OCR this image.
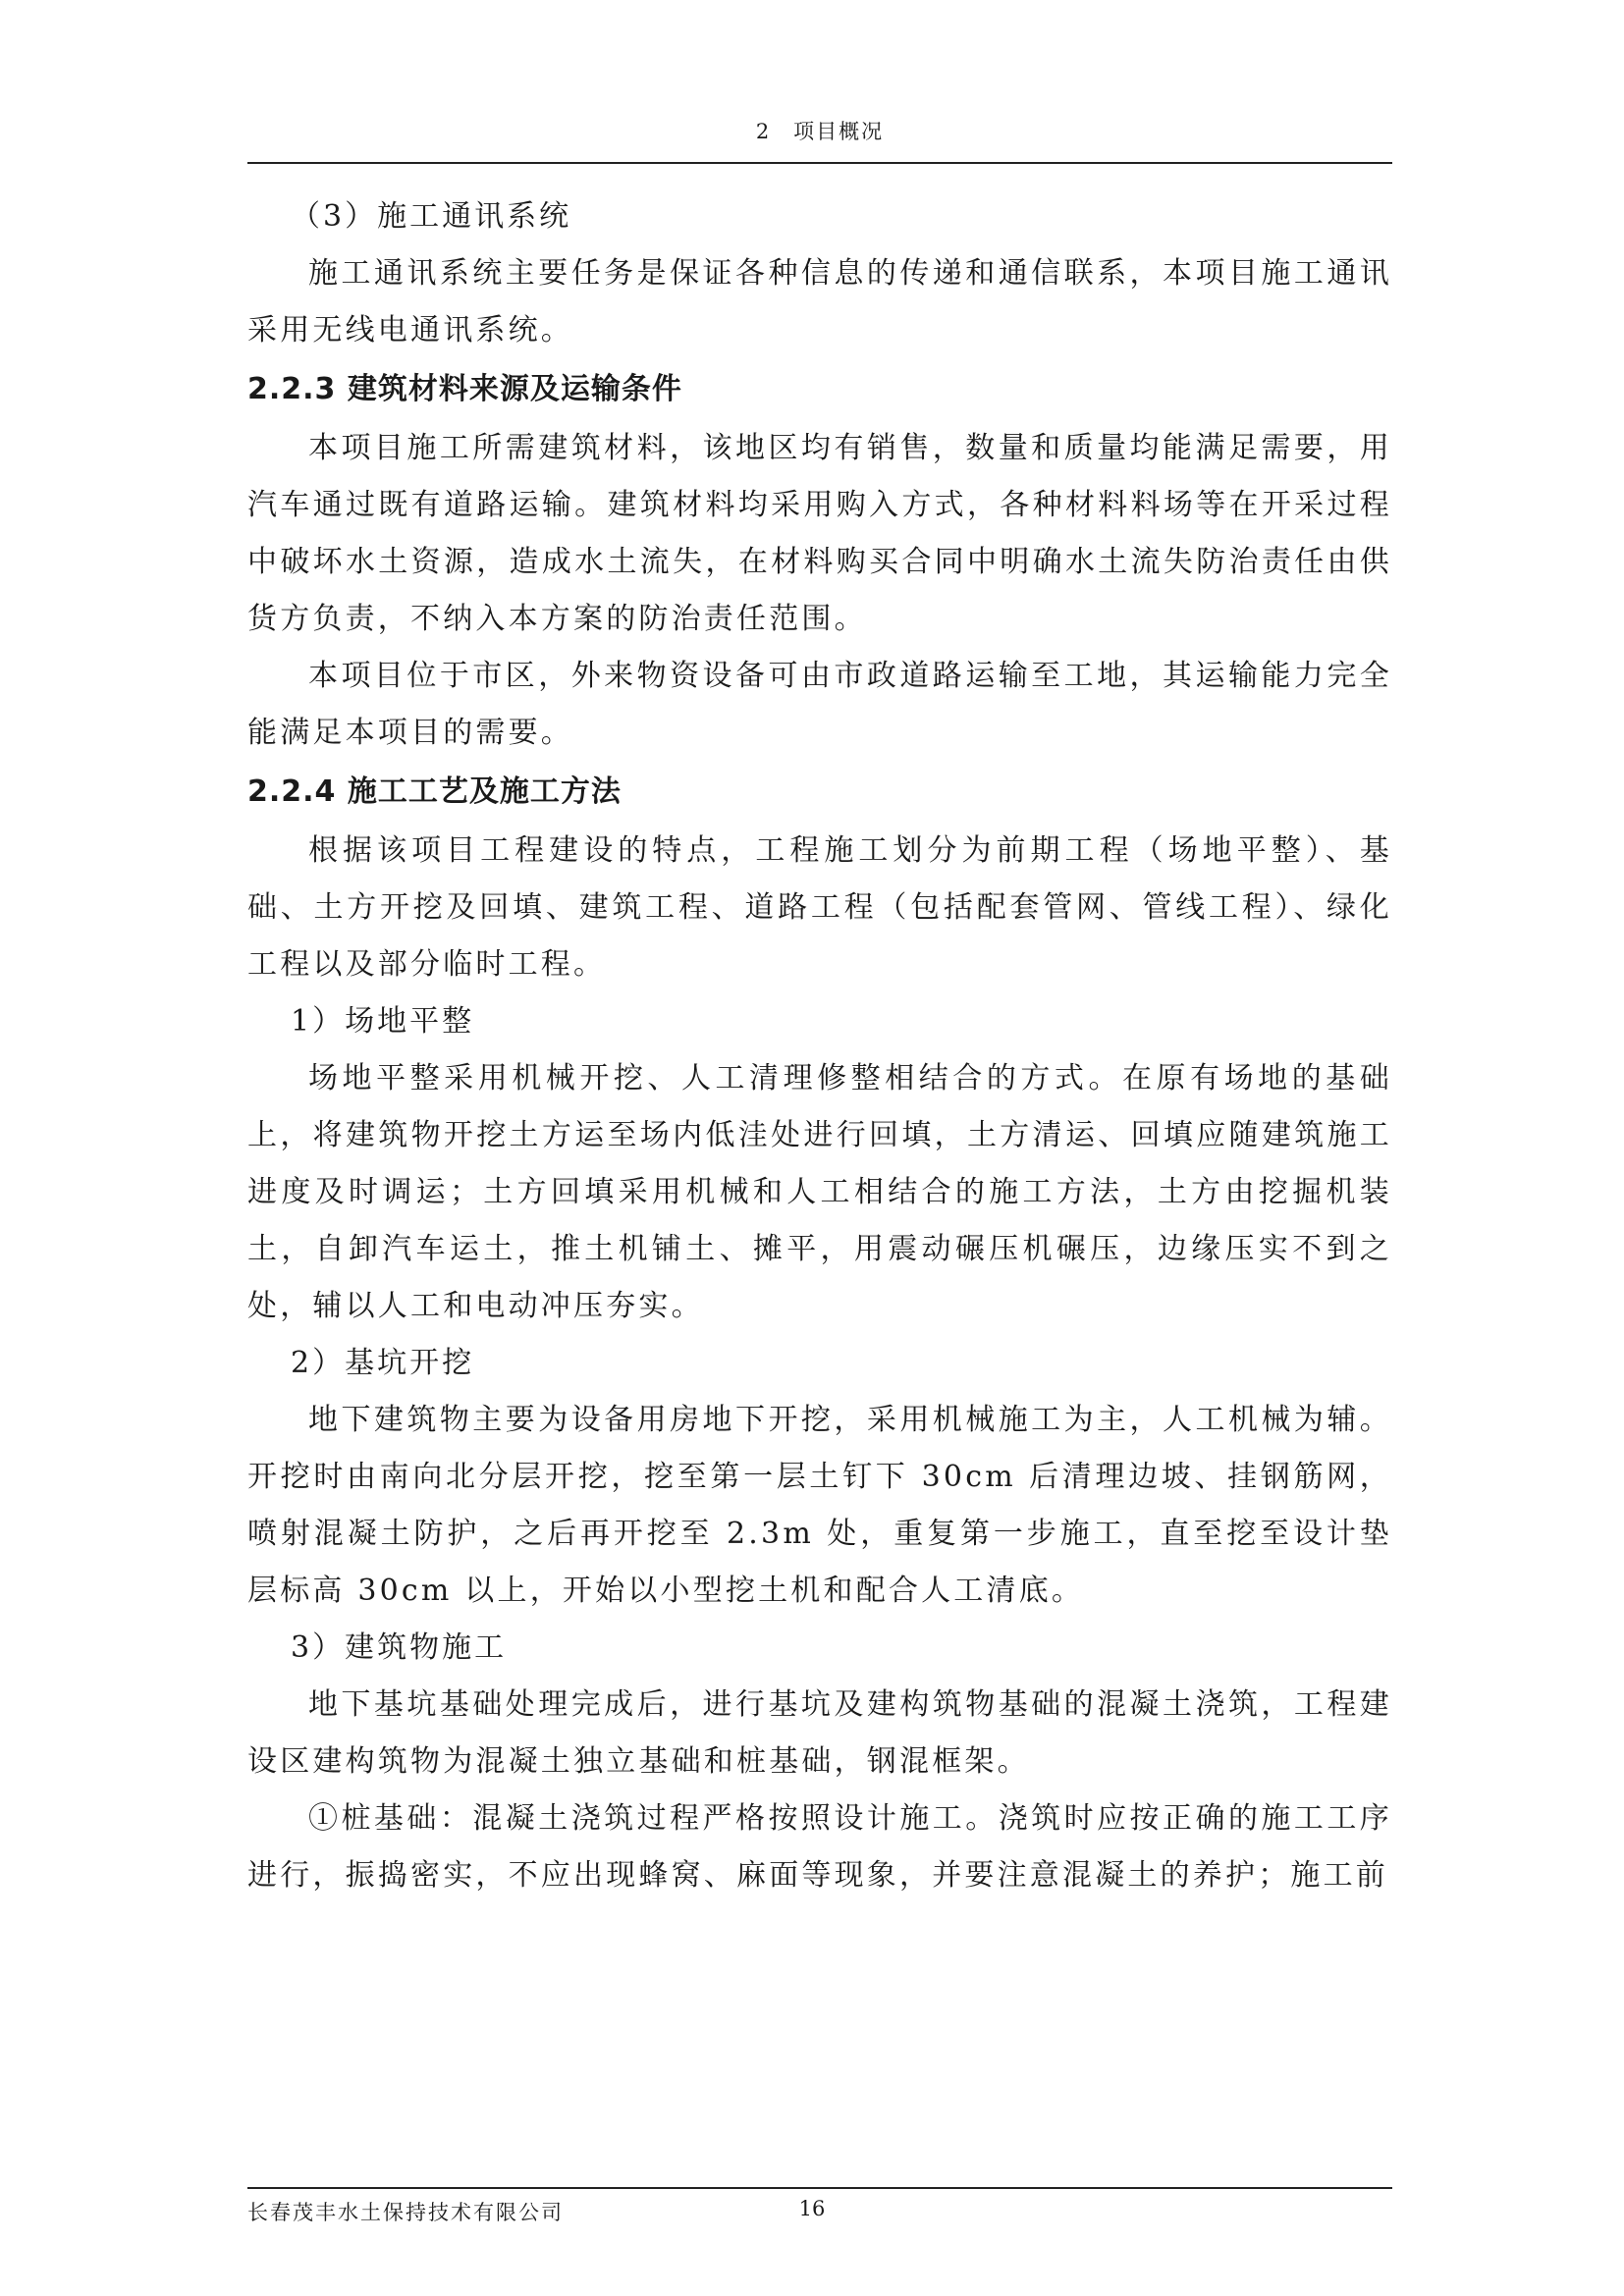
2　项目概况

（3）施工通讯系统

施工通讯系统主要任务是保证各种信息的传递和通信联系，本项目施工通讯采用无线电通讯系统。

2.2.3 建筑材料来源及运输条件

本项目施工所需建筑材料，该地区均有销售，数量和质量均能满足需要，用汽车通过既有道路运输。建筑材料均采用购入方式，各种材料料场等在开采过程中破坏水土资源，造成水土流失，在材料购买合同中明确水土流失防治责任由供货方负责，不纳入本方案的防治责任范围。

本项目位于市区，外来物资设备可由市政道路运输至工地，其运输能力完全能满足本项目的需要。

2.2.4 施工工艺及施工方法

根据该项目工程建设的特点，工程施工划分为前期工程（场地平整）、基础、土方开挖及回填、建筑工程、道路工程（包括配套管网、管线工程）、绿化工程以及部分临时工程。

1）场地平整

场地平整采用机械开挖、人工清理修整相结合的方式。在原有场地的基础上，将建筑物开挖土方运至场内低洼处进行回填，土方清运、回填应随建筑施工进度及时调运；土方回填采用机械和人工相结合的施工方法，土方由挖掘机装土，自卸汽车运土，推土机铺土、摊平，用震动碾压机碾压，边缘压实不到之处，辅以人工和电动冲压夯实。

2）基坑开挖

地下建筑物主要为设备用房地下开挖，采用机械施工为主，人工机械为辅。开挖时由南向北分层开挖，挖至第一层土钉下 30cm 后清理边坡、挂钢筋网，喷射混凝土防护，之后再开挖至 2.3m 处，重复第一步施工，直至挖至设计垫层标高 30cm 以上，开始以小型挖土机和配合人工清底。

3）建筑物施工

地下基坑基础处理完成后，进行基坑及建构筑物基础的混凝土浇筑，工程建设区建构筑物为混凝土独立基础和桩基础，钢混框架。

①桩基础：混凝土浇筑过程严格按照设计施工。浇筑时应按正确的施工工序进行，振捣密实，不应出现蜂窝、麻面等现象，并要注意混凝土的养护；施工前

长春茂丰水土保持技术有限公司	16
